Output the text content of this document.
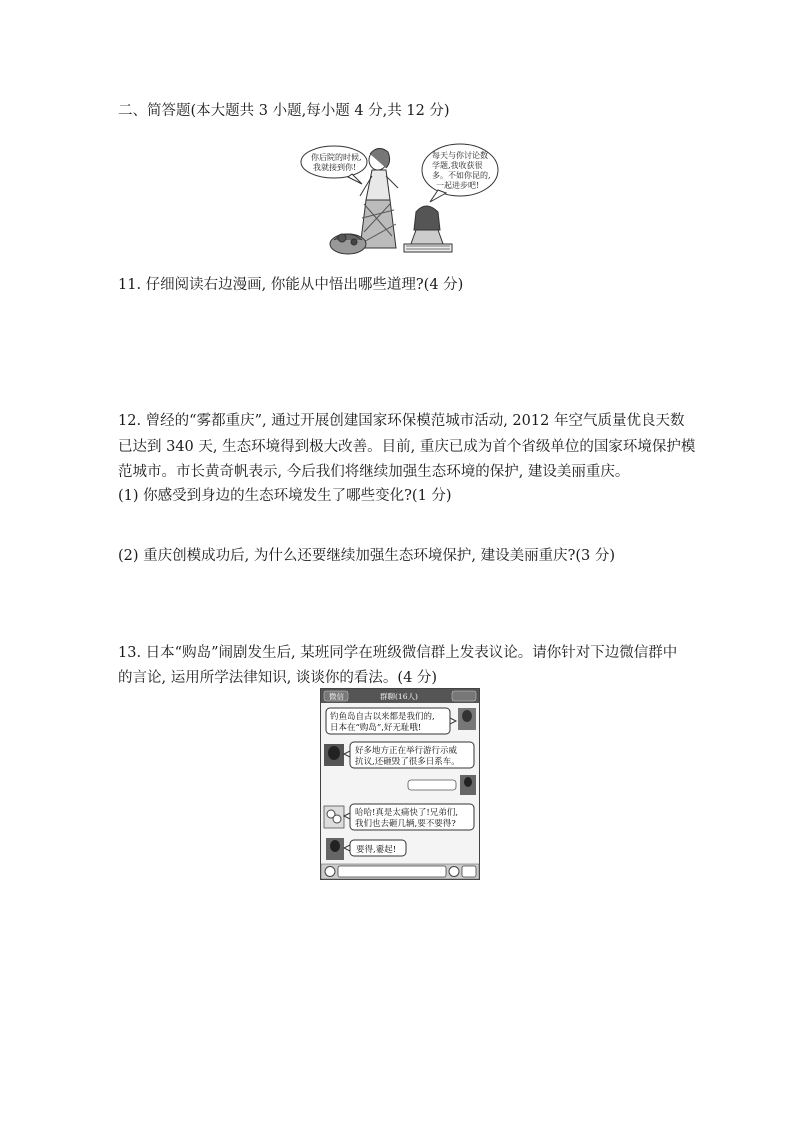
二、简答题(本大题共 3 小题,每小题 4 分,共 12 分)
你后院的时候,
我就接到你!
每天与你讨论数
学题,我收获很
多。不如你昆的,
一起进步吧!
11. 仔细阅读右边漫画, 你能从中悟出哪些道理?(4 分)
12. 曾经的“雾都重庆”, 通过开展创建国家环保模范城市活动, 2012 年空气质量优良天数
已达到 340 天, 生态环境得到极大改善。目前, 重庆已成为首个省级单位的国家环境保护模
范城市。市长黄奇帆表示, 今后我们将继续加强生态环境的保护, 建设美丽重庆。
(1) 你感受到身边的生态环境发生了哪些变化?(1 分)
(2) 重庆创模成功后, 为什么还要继续加强生态环境保护, 建设美丽重庆?(3 分)
13. 日本“购岛”闹剧发生后, 某班同学在班级微信群上发表议论。请你针对下边微信群中
的言论, 运用所学法律知识, 谈谈你的看法。(4 分)
微信	群聊(16人)
钓鱼岛自古以来都是我们的,
日本在“购岛”,好无耻哦!
好多地方正在举行游行示威
抗议,还砸毁了很多日系车。
哈哈!真是太痛快了!兄弟们,
我们也去砸几辆,要不要得?
要得,嫑起!
